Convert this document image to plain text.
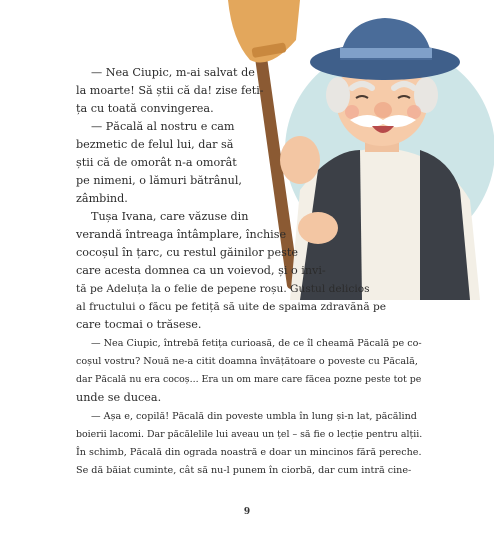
— Nea Ciupic, m-ai salvat de
la moarte! Să știi că da! zise feti-
ța cu toată convingerea.
— Păcală al nostru e cam
bezmetic de felul lui, dar să
știi că de omorât n-a omorât
pe nimeni, o lămuri bătrânul,
zâmbind.
Tușa Ivana, care văzuse din
verandă întreaga întâmplare, închise
cocoșul în țarc, cu restul găinilor peste
care acesta domnea ca un voievod, și o invi-
tă pe Adeluța la o felie de pepene roșu. Gustul delicios
al fructului o făcu pe fetiță să uite de spaima zdravănă pe
care tocmai o trăsese.
— Nea Ciupic, întrebă fetița curioasă, de ce îl cheamă Păcală pe co-
coșul vostru? Nouă ne-a citit doamna învățătoare o poveste cu Păcală,
dar Păcală nu era cocoș... Era un om mare care făcea pozne peste tot pe
unde se ducea.
— Așa e, copilă! Păcală din poveste umbla în lung și-n lat, păcălind
boierii lacomi. Dar păcălelile lui aveau un țel – să fie o lecție pentru alții.
În schimb, Păcală din ograda noastră e doar un mincinos fără pereche.
Se dă băiat cuminte, cât să nu-l punem în ciorbă, dar cum intră cine-
9
